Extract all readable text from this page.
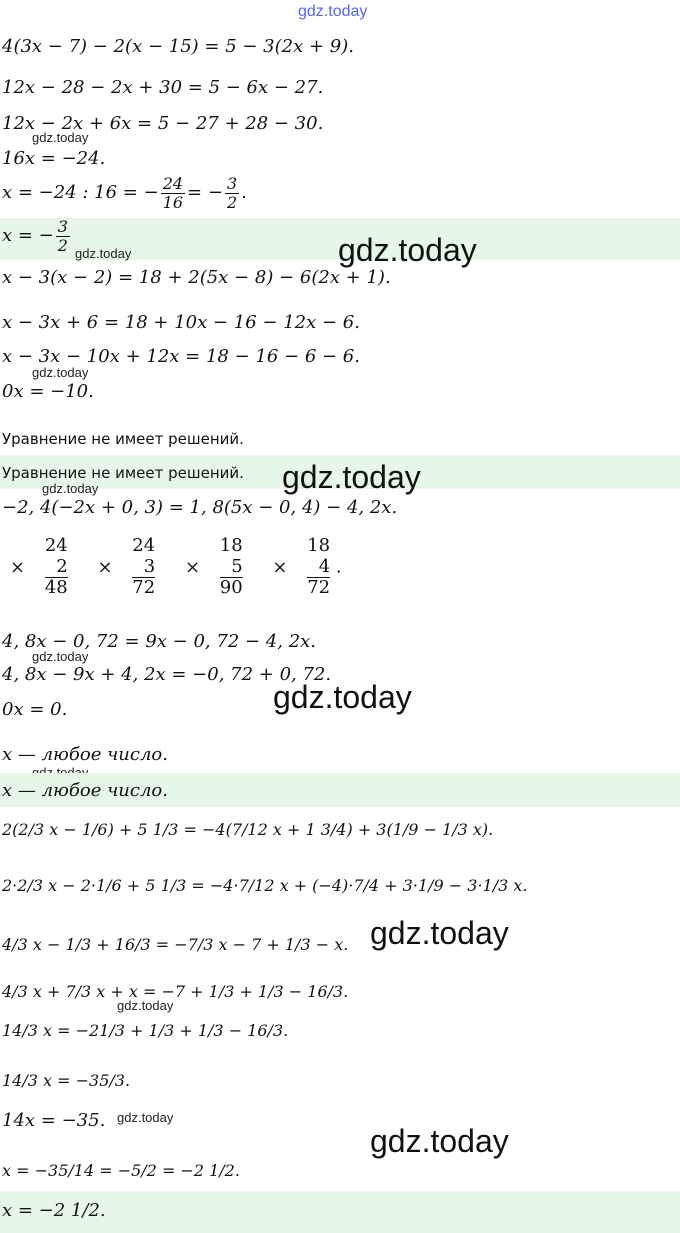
gdz.today
4(3x − 7) − 2(x − 15) = 5 − 3(2x + 9).
12x − 28 − 2x + 30 = 5 − 6x − 27.
12x − 2x + 6x = 5 − 27 + 28 − 30.
gdz.today
16x = −24.
x = −24 : 16 = − $\frac{24}{16}$ = − $\frac{3}{2}$ .
x = − $\frac{3}{2}$ gdz.today	gdz.today
x − 3(x − 2) = 18 + 2(5x − 8) − 6(2x + 1).
x − 3x + 6 = 18 + 10x − 16 − 12x − 6.
x − 3x − 10x + 12x = 18 − 16 − 6 − 6.
gdz.today
0x = −10.
Уравнение не имеет решений.
Уравнение не имеет решений. gdz.today
gdz.today
−2, 4(−2x + 0, 3) = 1, 8(5x − 0, 4) − 4, 2x.
×
24
2
48
×
24
3
72
×
18
5
90
×
18
4
72
.
4, 8x − 0, 72 = 9x − 0, 72 − 4, 2x.
gdz.today
4, 8x − 9x + 4, 2x = −0, 72 + 0, 72.
gdz.today
0x = 0.
x — любое число.
x — любое число.
2(2/3 x − 1/6) + 5 1/3 = −4(7/12 x + 1 3/4) + 3(1/9 − 1/3 x).
2·2/3 x − 2·1/6 + 5 1/3 = −4·7/12 x + (−4)·7/4 + 3·1/9 − 3·1/3 x.
4/3 x − 1/3 + 16/3 = −7/3 x − 7 + 1/3 − x. gdz.today
4/3 x + 7/3 x + x = −7 + 1/3 + 1/3 − 16/3.
gdz.today
14/3 x = −21/3 + 1/3 + 1/3 − 16/3.
14/3 x = −35/3.
14x = −35. gdz.today
gdz.today
x = −35/14 = −5/2 = −2 1/2.
x = −2 1/2.
